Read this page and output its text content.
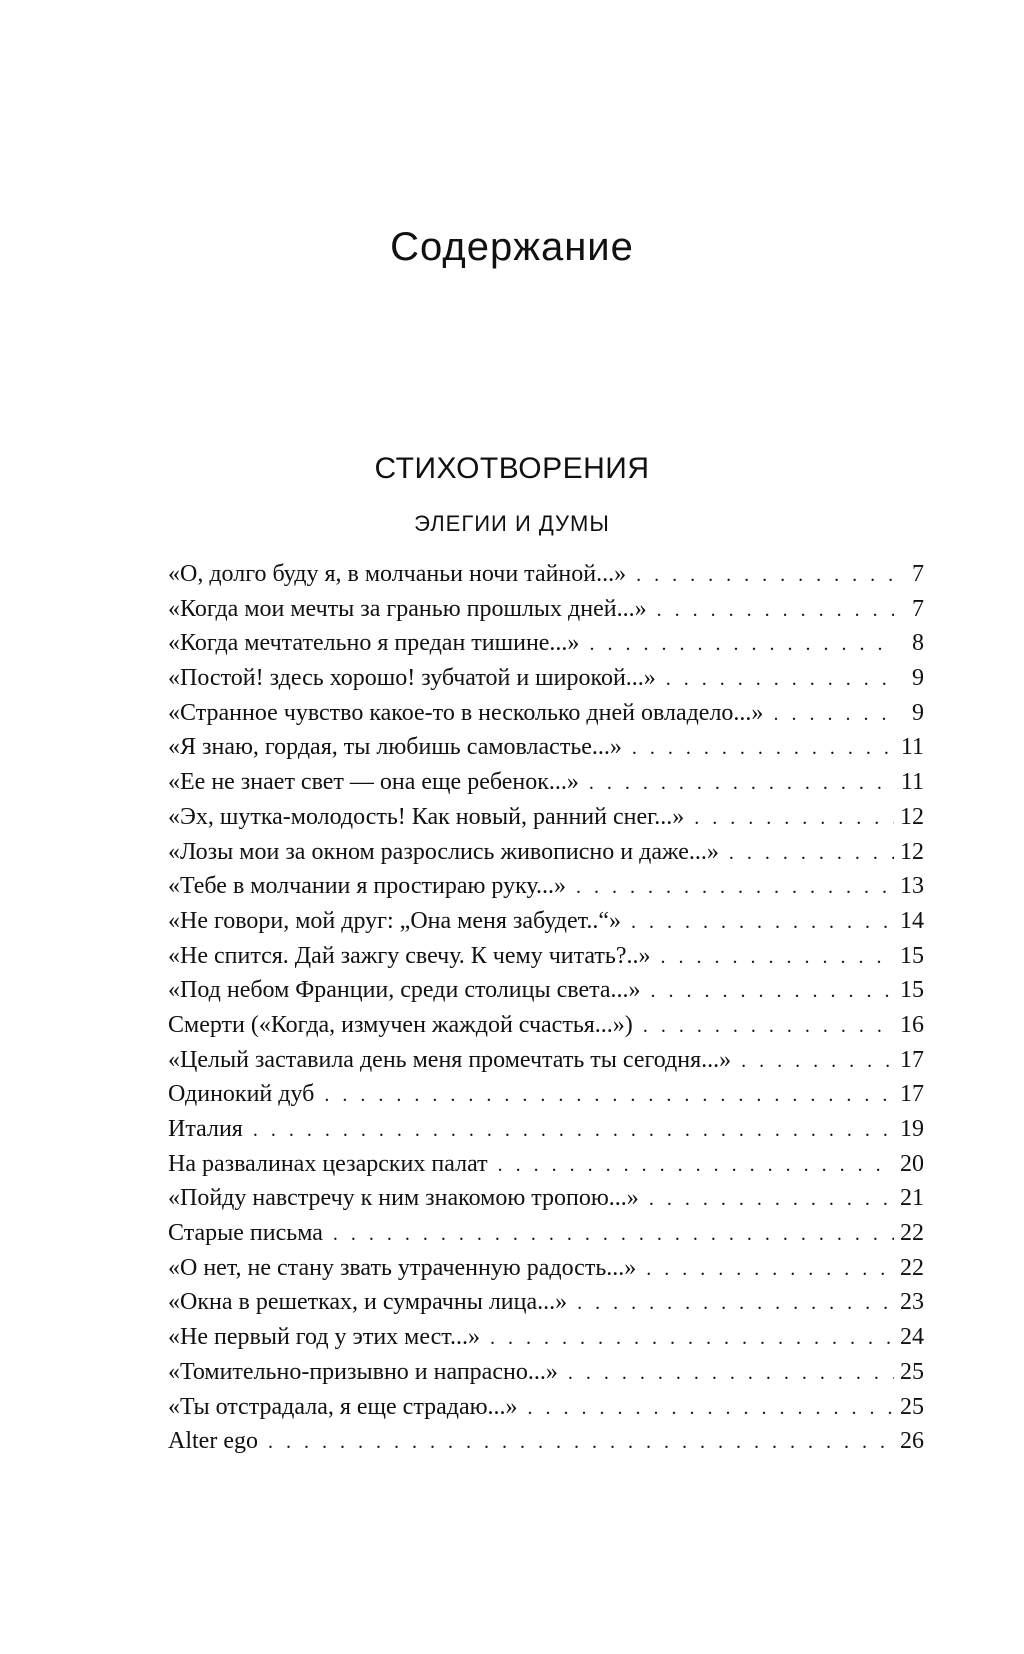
Содержание
СТИХОТВОРЕНИЯ
ЭЛЕГИИ И ДУМЫ
«О, долго буду я, в молчаньи ночи тайной...» . . .	7
«Когда мои мечты за гранью прошлых дней...» . . .	7
«Когда мечтательно я предан тишине...» . . .	8
«Постой! здесь хорошо! зубчатой и широкой...» . . .	9
«Странное чувство какое-то в несколько дней овладело...» . . .	9
«Я знаю, гордая, ты любишь самовластье...» . . .	11
«Ее не знает свет — она еще ребенок...» . . .	11
«Эх, шутка-молодость! Как новый, ранний снег...» . . .	12
«Лозы мои за окном разрослись живописно и даже...» . . .	12
«Тебе в молчании я простираю руку...» . . .	13
«Не говори, мой друг: „Она меня забудет..“» . . .	14
«Не спится. Дай зажгу свечу. К чему читать?..» . . .	15
«Под небом Франции, среди столицы света...» . . .	15
Смерти («Когда, измучен жаждой счастья...») . . .	16
«Целый заставила день меня промечтать ты сегодня...» . . .	17
Одинокий дуб . . .	17
Италия . . .	19
На развалинах цезарских палат . . .	20
«Пойду навстречу к ним знакомою тропою...» . . .	21
Старые письма . . .	22
«О нет, не стану звать утраченную радость...» . . .	22
«Окна в решетках, и сумрачны лица...» . . .	23
«Не первый год у этих мест...» . . .	24
«Томительно-призывно и напрасно...» . . .	25
«Ты отстрадала, я еще страдаю...» . . .	25
Alter ego . . .	26
